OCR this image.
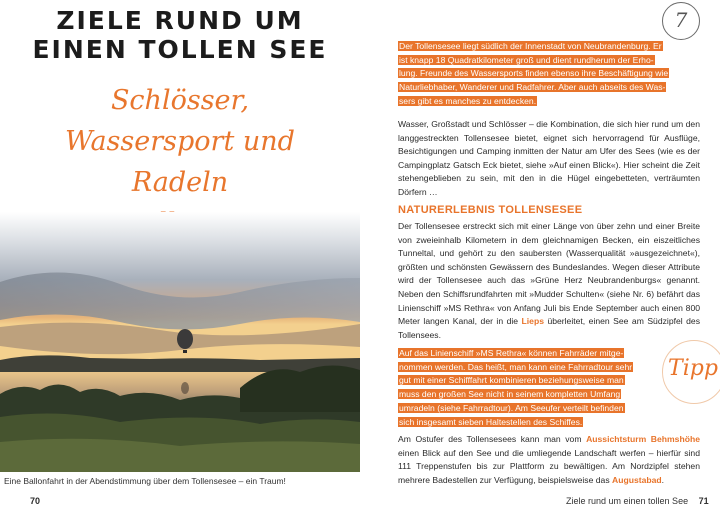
ZIELE RUND UM
EINEN TOLLEN SEE
Schlösser,
Wassersport und Radeln
Eine Ballonfahrt in der Abendstimmung über dem Tollensesee – ein Traum!
70
7
Der Tollensesee liegt südlich der Innenstadt von Neubrandenburg. Er
ist knapp 18 Quadratkilometer groß und dient rundherum der Erho-
lung. Freunde des Wassersports finden ebenso ihre Beschäftigung wie
Naturliebhaber, Wanderer und Radfahrer. Aber auch abseits des Was-
sers gibt es manches zu entdecken.
Wasser, Großstadt und Schlösser – die Kombination, die sich hier rund um den langgestreckten Tollensesee bietet, eignet sich hervorragend für Ausflüge, Besichtigungen und Camping inmitten der Natur am Ufer des Sees (wie es der Campingplatz Gatsch Eck bietet, siehe »Auf einen Blick«). Hier scheint die Zeit stehengeblieben zu sein, mit den in die Hügel eingebetteten, verträumten Dörfern …
NATURERLEBNIS TOLLENSESEE
Der Tollensesee erstreckt sich mit einer Länge von über zehn und einer Breite von zweieinhalb Kilometern in dem gleichnamigen Becken, ein eiszeitliches Tunneltal, und gehört zu den saubersten (Wasserqualität »ausgezeichnet«), größten und schönsten Gewässern des Bundeslandes. Wegen dieser Attribute wird der Tollensesee auch das »Grüne Herz Neubrandenburgs« genannt. Neben den Schiffsrundfahrten mit »Mudder Schulten« (siehe Nr. 6) befährt das Linienschiff »MS Rethra« von Anfang Juli bis Ende September auch einen 800 Meter langen Kanal, der in die Lieps überleitet, einen See am Südzipfel des Tollensees.
Auf das Linienschiff »MS Rethra« können Fahrräder mitge-
nommen werden. Das heißt, man kann eine Fahrradtour sehr
gut mit einer Schifffahrt kombinieren beziehungsweise man
muss den großen See nicht in seinem kompletten Umfang
umradeln (siehe Fahrradtour). Am Seeufer verteilt befinden
sich insgesamt sieben Haltestellen des Schiffes.
Tipp
Am Ostufer des Tollensesees kann man vom Aussichtsturm Behmshöhe einen Blick auf den See und die umliegende Landschaft werfen – hierfür sind 111 Treppenstufen bis zur Plattform zu bewältigen. Am Nordzipfel stehen mehrere Badestellen zur Verfügung, beispielsweise das Augustabad.
Ziele rund um einen tollen See 71
